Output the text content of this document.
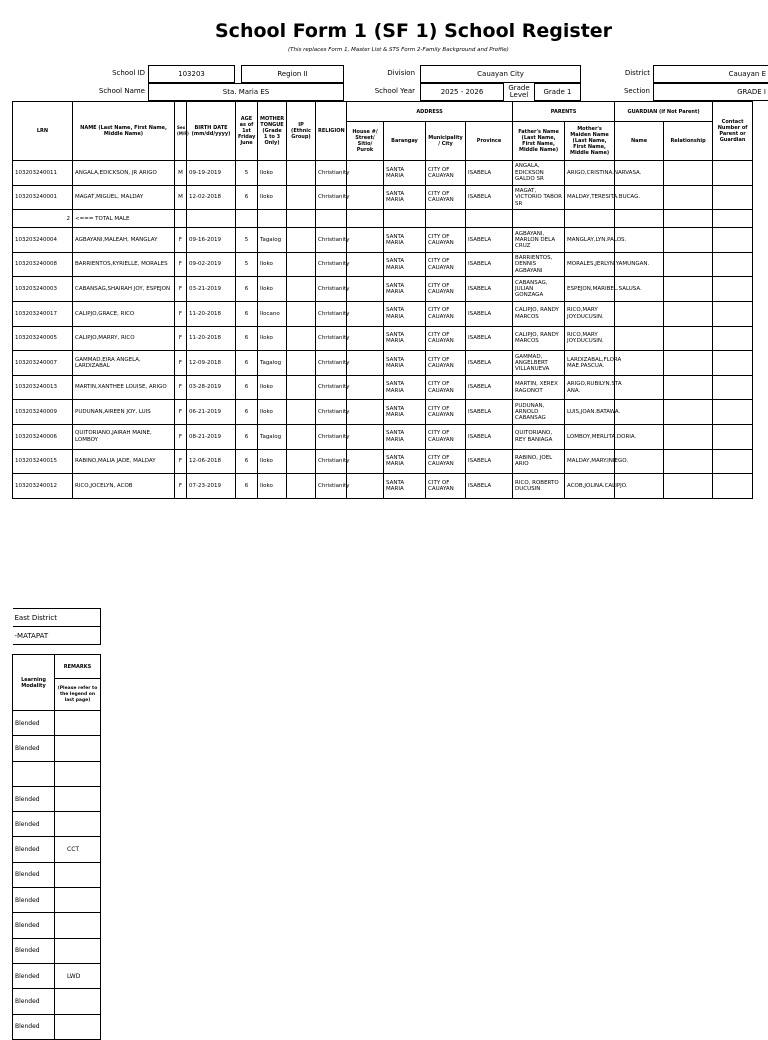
School Form 1 (SF 1) School Register
(This replaces Form 1, Master List & STS Form 2-Family Background and Profile)
School ID	103203	Region II	Division	Cauayan City	District	Cauayan E
School Name	Sta. Maria ES	School Year	2025 - 2026	Grade Level	Grade 1	Section	GRADE I
LRN	NAME (Last Name, First Name, Middle Name)	Sex (M/F)	BIRTH DATE (mm/dd/yyyy)	AGE as of 1st Friday June	MOTHER TONGUE (Grade 1 to 3 Only)	IP (Ethnic Group)	RELIGION	ADDRESS				PARENTS		GUARDIAN (if Not Parent)		Contact Number of Parent or Guardian
								House #/ Street/ Sitio/ Purok	Barangay	Municipality / City	Province	Father's Name (Last Name, First Name, Middle Name)	Mother's Maiden Name (Last Name, First Name, Middle Name)	Name	Relationship	
103203240011	ANGALA,EDICKSON, JR ARIGO	M	09-19-2019	5	Iloko		Christianity		SANTA MARIA	CITY OF CAUAYAN	ISABELA	ANGALA, EDICKSON GALDO SR	ARIGO,CRISTINA.NARVASA.			
103203240001	MAGAT,MIGUEL, MALDAY	M	12-02-2018	6	Iloko		Christianity		SANTA MARIA	CITY OF CAUAYAN	ISABELA	MAGAT, VICTORIO TABOR SR	MALDAY,TERESITA.BUCAG.			
2	<=== TOTAL MALE															
103203240004	AGBAYANI,MALEAH, MANGLAY	F	09-16-2019	5	Tagalog		Christianity		SANTA MARIA	CITY OF CAUAYAN	ISABELA	AGBAYANI, MARLON DELA CRUZ	MANGLAY,LYN.PALOS.			
103203240008	BARRIENTOS,KYRIELLE, MORALES	F	09-02-2019	5	Iloko		Christianity		SANTA MARIA	CITY OF CAUAYAN	ISABELA	BARRIENTOS, DENNIS AGBAYANI	MORALES,JERLYN.YAMUNGAN.			
103203240003	CABANSAG,SHAIRAH JOY, ESPEJON	F	03-21-2019	6	Iloko		Christianity		SANTA MARIA	CITY OF CAUAYAN	ISABELA	CABANSAG, JULIAN GONZAGA	ESPEJON,MARIBEL.SALUSA.			
103203240017	CALIPJO,GRACE, RICO	F	11-20-2018	6	Ilocano		Christianity		SANTA MARIA	CITY OF CAUAYAN	ISABELA	CALIPJO, RANDY MARCOS	RICO,MARY JOY.DUCUSIN.			
103203240005	CALIPJO,MARRY, RICO	F	11-20-2018	6	Iloko		Christianity		SANTA MARIA	CITY OF CAUAYAN	ISABELA	CALIPJO, RANDY MARCOS	RICO,MARY JOY.DUCUSIN.			
103203240007	GAMMAD,EIRA ANGELA, LARDIZABAL	F	12-09-2018	6	Tagalog		Christianity		SANTA MARIA	CITY OF CAUAYAN	ISABELA	GAMMAD, ANGELBERT VILLANUEVA	LARDIZABAL,FLORA MAE.PASCUA.			
103203240013	MARTIN,XANTHEE LOUISE, ARIGO	F	03-28-2019	6	Iloko		Christianity		SANTA MARIA	CITY OF CAUAYAN	ISABELA	MARTIN, XEREX RAGONOT	ARIGO,RUBILYN.STA ANA.			
103203240009	PUDUNAN,AIREEN JOY, LUIS	F	06-21-2019	6	Iloko		Christianity		SANTA MARIA	CITY OF CAUAYAN	ISABELA	PUDUNAN, ARNOLD CABANSAG	LUIS,JOAN.BATAWA.			
103203240006	QUITORIANO,JAIRAH MAINE, LOMBOY	F	08-21-2019	6	Tagalog		Christianity		SANTA MARIA	CITY OF CAUAYAN	ISABELA	QUITORIANO, REY BANIAGA	LOMBOY,MERLITA.DORIA.			
103203240015	RABINO,MALIA JADE, MALDAY	F	12-06-2018	6	Iloko		Christianity		SANTA MARIA	CITY OF CAUAYAN	ISABELA	RABINO, JOEL ARIO	MALDAY,MARY.INIEGO.			
103203240012	RICO,JOCELYN, ACOB	F	07-23-2019	6	Iloko		Christianity		SANTA MARIA	CITY OF CAUAYAN	ISABELA	RICO, ROBERTO DUCUSIN	ACOB,JOLINA.CALIPJO.			
East District	
-MATAPAT	

Learning Modality	REMARKS
	(Please refer to the legend on last page)
Blended	
Blended	

Blended	
Blended	
Blended	CCT
Blended	
Blended	
Blended	
Blended	
Blended	LWD
Blended	
Blended	
